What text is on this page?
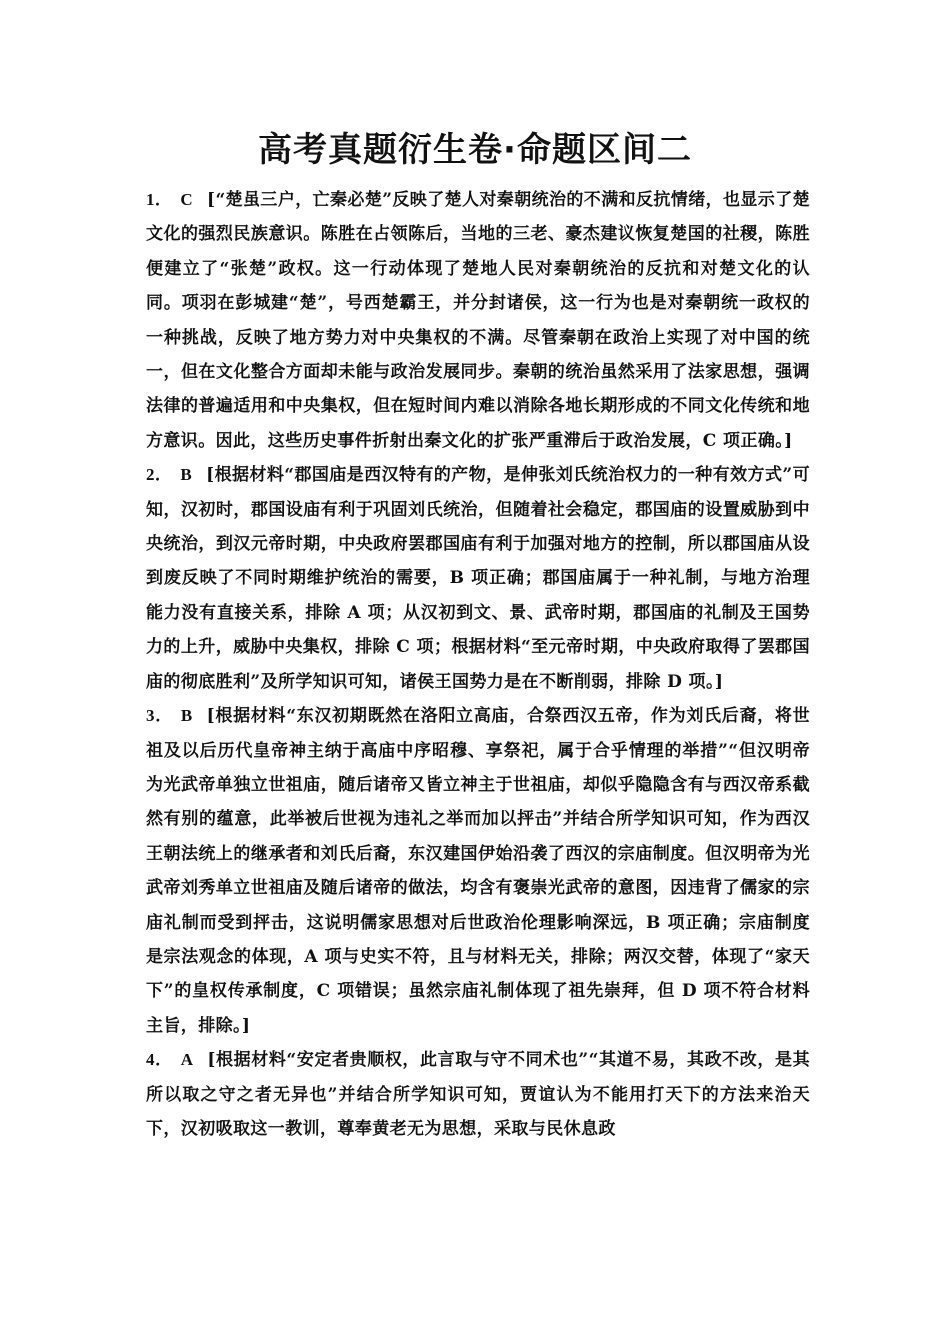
高考真题衍生卷·命题区间二

1． C [“楚虽三户，亡秦必楚”反映了楚人对秦朝统治的不满和反抗情绪，也显示了楚文化的强烈民族意识。陈胜在占领陈后，当地的三老、豪杰建议恢复楚国的社稷，陈胜便建立了“张楚”政权。这一行动体现了楚地人民对秦朝统治的反抗和对楚文化的认同。项羽在彭城建“楚”，号西楚霸王，并分封诸侯，这一行为也是对秦朝统一政权的一种挑战，反映了地方势力对中央集权的不满。尽管秦朝在政治上实现了对中国的统一，但在文化整合方面却未能与政治发展同步。秦朝的统治虽然采用了法家思想，强调法律的普遍适用和中央集权，但在短时间内难以消除各地长期形成的不同文化传统和地方意识。因此，这些历史事件折射出秦文化的扩张严重滞后于政治发展，C 项正确。]

2． B [根据材料“郡国庙是西汉特有的产物，是伸张刘氏统治权力的一种有效方式”可知，汉初时，郡国设庙有利于巩固刘氏统治，但随着社会稳定，郡国庙的设置威胁到中央统治，到汉元帝时期，中央政府罢郡国庙有利于加强对地方的控制，所以郡国庙从设到废反映了不同时期维护统治的需要，B 项正确；郡国庙属于一种礼制，与地方治理能力没有直接关系，排除 A 项；从汉初到文、景、武帝时期，郡国庙的礼制及王国势力的上升，威胁中央集权，排除 C 项；根据材料“至元帝时期，中央政府取得了罢郡国庙的彻底胜利”及所学知识可知，诸侯王国势力是在不断削弱，排除 D 项。]

3． B [根据材料“东汉初期既然在洛阳立高庙，合祭西汉五帝，作为刘氏后裔，将世祖及以后历代皇帝神主纳于高庙中序昭穆、享祭祀，属于合乎情理的举措”“但汉明帝为光武帝单独立世祖庙，随后诸帝又皆立神主于世祖庙，却似乎隐隐含有与西汉帝系截然有别的蕴意，此举被后世视为违礼之举而加以抨击”并结合所学知识可知，作为西汉王朝法统上的继承者和刘氏后裔，东汉建国伊始沿袭了西汉的宗庙制度。但汉明帝为光武帝刘秀单立世祖庙及随后诸帝的做法，均含有褒崇光武帝的意图，因违背了儒家的宗庙礼制而受到抨击，这说明儒家思想对后世政治伦理影响深远，B 项正确；宗庙制度是宗法观念的体现，A 项与史实不符，且与材料无关，排除；两汉交替，体现了“家天下”的皇权传承制度，C 项错误；虽然宗庙礼制体现了祖先崇拜，但 D 项不符合材料主旨，排除。]

4． A [根据材料“安定者贵顺权，此言取与守不同术也”“其道不易，其政不改，是其所以取之守之者无异也”并结合所学知识可知，贾谊认为不能用打天下的方法来治天下，汉初吸取这一教训，尊奉黄老无为思想，采取与民休息政
